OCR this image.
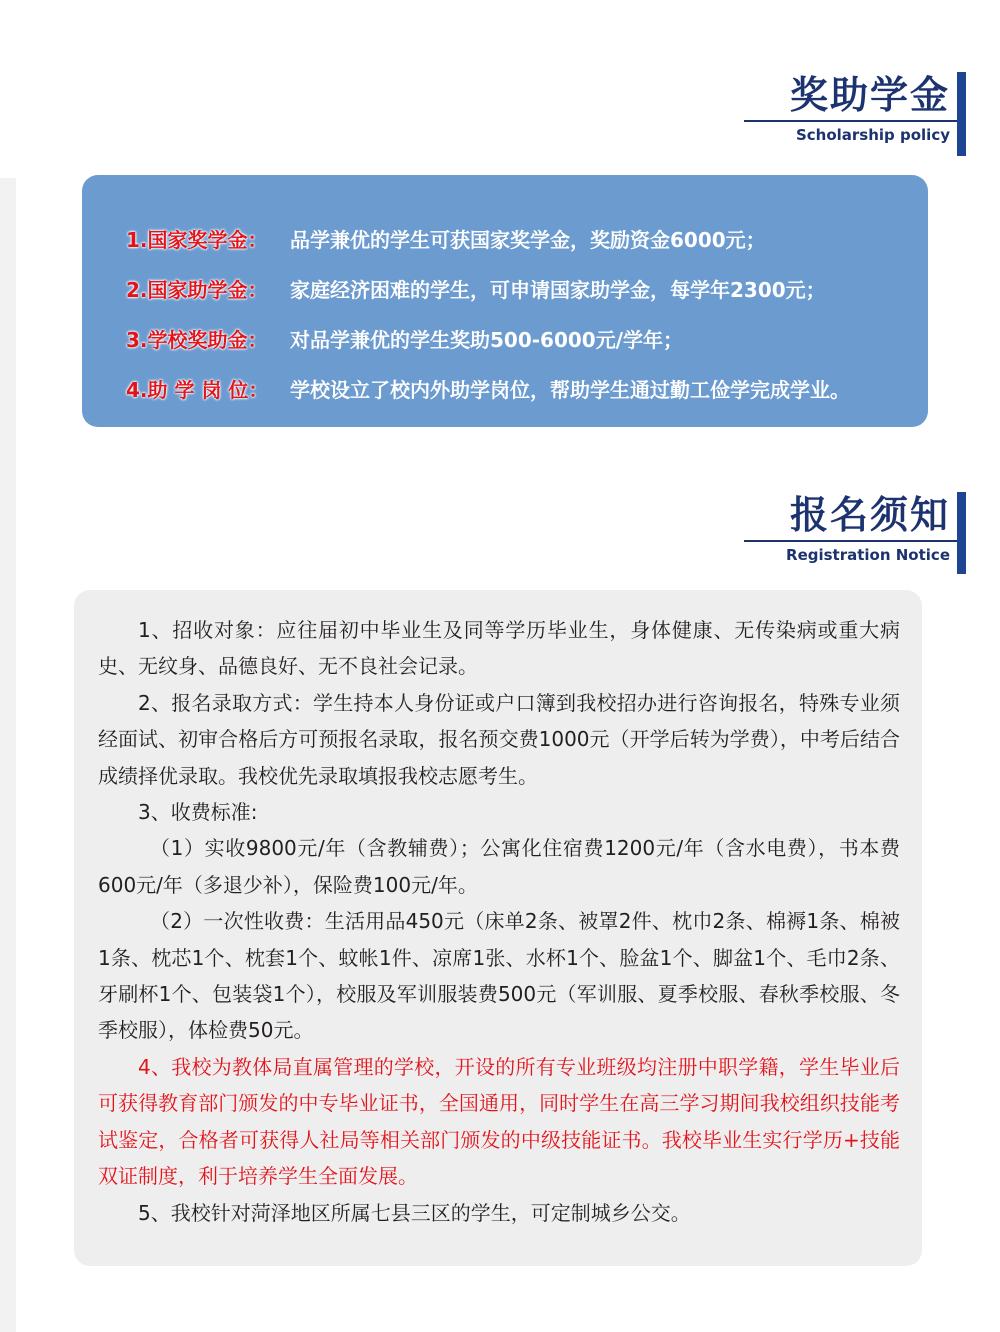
奖助学金
Scholarship policy
1.国家奖学金：	品学兼优的学生可获国家奖学金，奖励资金6000元；
2.国家助学金：	家庭经济困难的学生，可申请国家助学金，每学年2300元；
3.学校奖助金：	对品学兼优的学生奖助500-6000元/学年；
4.助 学 岗 位：	学校设立了校内外助学岗位，帮助学生通过勤工俭学完成学业。
报名须知
Registration Notice

1、招收对象：应往届初中毕业生及同等学历毕业生，身体健康、无传染病或重大病史、无纹身、品德良好、无不良社会记录。

2、报名录取方式：学生持本人身份证或户口簿到我校招办进行咨询报名，特殊专业须经面试、初审合格后方可预报名录取，报名预交费1000元（开学后转为学费），中考后结合成绩择优录取。我校优先录取填报我校志愿考生。

3、收费标准:

（1）实收9800元/年（含教辅费）；公寓化住宿费1200元/年（含水电费），书本费600元/年（多退少补），保险费100元/年。

（2）一次性收费：生活用品450元（床单2条、被罩2件、枕巾2条、棉褥1条、棉被1条、枕芯1个、枕套1个、蚊帐1件、凉席1张、水杯1个、脸盆1个、脚盆1个、毛巾2条、牙刷杯1个、包装袋1个），校服及军训服装费500元（军训服、夏季校服、春秋季校服、冬季校服），体检费50元。

4、我校为教体局直属管理的学校，开设的所有专业班级均注册中职学籍，学生毕业后可获得教育部门颁发的中专毕业证书，全国通用，同时学生在高三学习期间我校组织技能考试鉴定，合格者可获得人社局等相关部门颁发的中级技能证书。我校毕业生实行学历+技能双证制度，利于培养学生全面发展。

5、我校针对菏泽地区所属七县三区的学生，可定制城乡公交。
